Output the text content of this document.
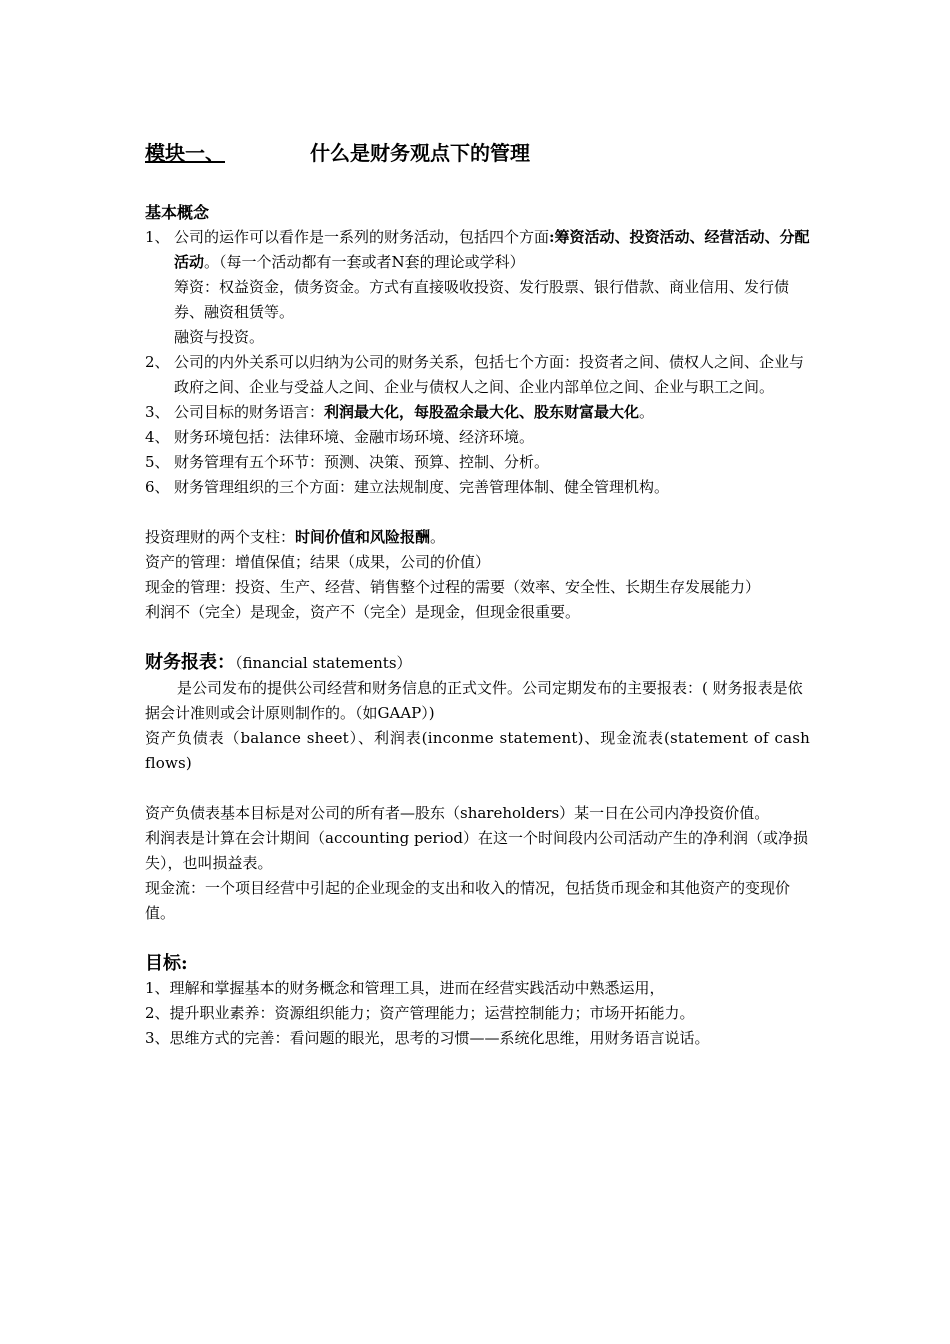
模块一、	什么是财务观点下的管理
基本概念
1、 公司的运作可以看作是一系列的财务活动，包括四个方面:筹资活动、投资活动、经营活动、分配活动。（每一个活动都有一套或者N套的理论或学科）
筹资：权益资金，债务资金。方式有直接吸收投资、发行股票、银行借款、商业信用、发行债券、融资租赁等。
融资与投资。
2、 公司的内外关系可以归纳为公司的财务关系，包括七个方面：投资者之间、债权人之间、企业与政府之间、企业与受益人之间、企业与债权人之间、企业内部单位之间、企业与职工之间。
3、 公司目标的财务语言：利润最大化，每股盈余最大化、股东财富最大化。
4、 财务环境包括：法律环境、金融市场环境、经济环境。
5、 财务管理有五个环节：预测、决策、预算、控制、分析。
6、 财务管理组织的三个方面：建立法规制度、完善管理体制、健全管理机构。
投资理财的两个支柱：时间价值和风险报酬。
资产的管理：增值保值；结果（成果，公司的价值）
现金的管理：投资、生产、经营、销售整个过程的需要（效率、安全性、长期生存发展能力）
利润不（完全）是现金，资产不（完全）是现金，但现金很重要。
财务报表：（financial statements）
是公司发布的提供公司经营和财务信息的正式文件。公司定期发布的主要报表：( 财务报表是依据会计准则或会计原则制作的。（如GAAP）)
资产负债表（balance sheet）、利润表(inconme statement)、现金流表(statement of cash flows)
资产负债表基本目标是对公司的所有者—股东（shareholders）某一日在公司内净投资价值。
利润表是计算在会计期间（accounting period）在这一个时间段内公司活动产生的净利润（或净损失），也叫损益表。
现金流：一个项目经营中引起的企业现金的支出和收入的情况，包括货币现金和其他资产的变现价值。
目标:
1、理解和掌握基本的财务概念和管理工具，进而在经营实践活动中熟悉运用，
2、提升职业素养：资源组织能力；资产管理能力；运营控制能力；市场开拓能力。
3、思维方式的完善：看问题的眼光，思考的习惯——系统化思维，用财务语言说话。
